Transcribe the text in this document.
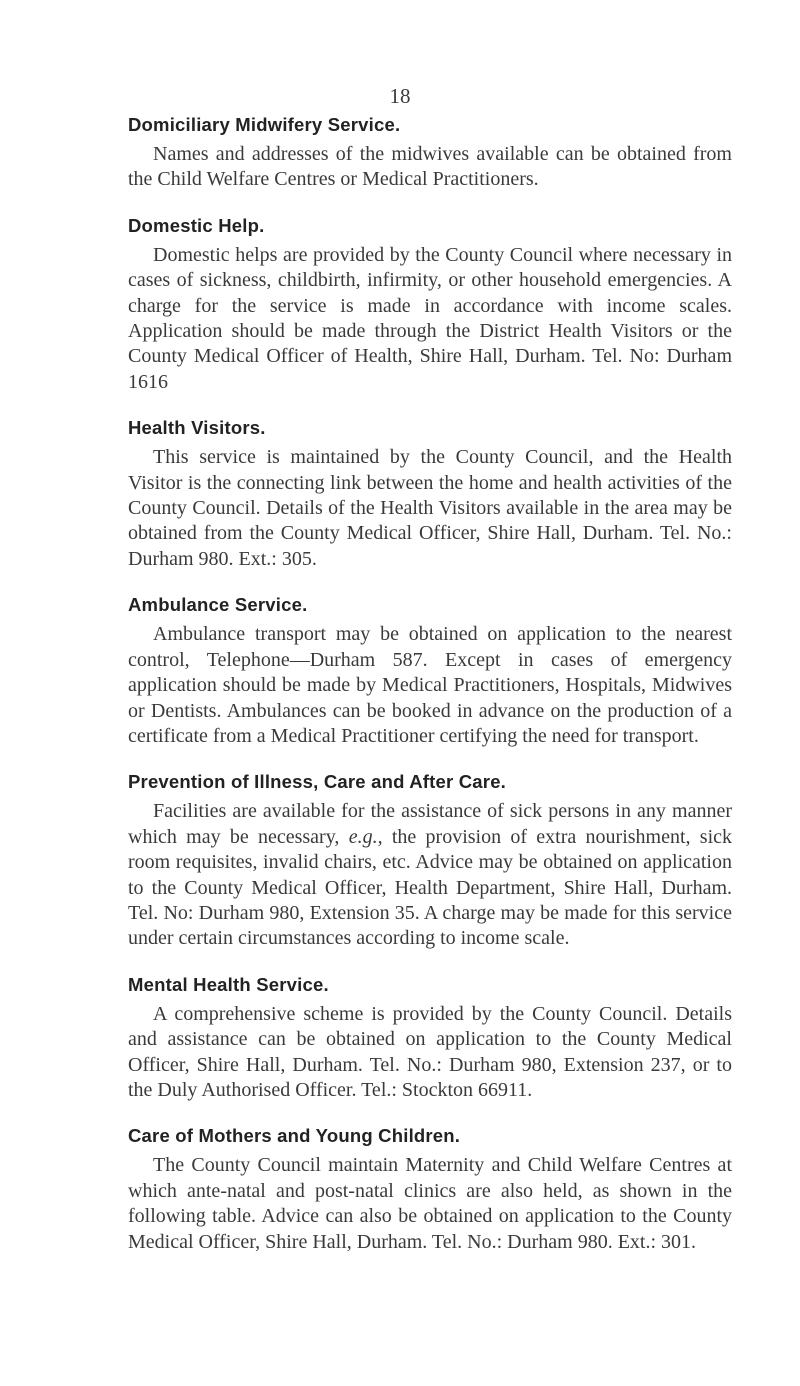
18
Domiciliary Midwifery Service.

Names and addresses of the midwives available can be obtained from the Child Welfare Centres or Medical Practitioners.

Domestic Help.

Domestic helps are provided by the County Council where necessary in cases of sickness, childbirth, infirmity, or other household emergencies. A charge for the service is made in accordance with income scales. Application should be made through the District Health Visitors or the County Medical Officer of Health, Shire Hall, Durham. Tel. No: Durham 1616

Health Visitors.

This service is maintained by the County Council, and the Health Visitor is the connecting link between the home and health activities of the County Council. Details of the Health Visitors available in the area may be obtained from the County Medical Officer, Shire Hall, Durham. Tel. No.: Durham 980. Ext.: 305.

Ambulance Service.

Ambulance transport may be obtained on application to the nearest control, Telephone—Durham 587. Except in cases of emergency application should be made by Medical Practitioners, Hospitals, Midwives or Dentists. Ambulances can be booked in advance on the production of a certificate from a Medical Practitioner certifying the need for transport.

Prevention of Illness, Care and After Care.

Facilities are available for the assistance of sick persons in any manner which may be necessary, e.g., the provision of extra nourishment, sick room requisites, invalid chairs, etc. Advice may be obtained on application to the County Medical Officer, Health Department, Shire Hall, Durham. Tel. No: Durham 980, Extension 35. A charge may be made for this service under certain circumstances according to income scale.

Mental Health Service.

A comprehensive scheme is provided by the County Council. Details and assistance can be obtained on application to the County Medical Officer, Shire Hall, Durham. Tel. No.: Durham 980, Extension 237, or to the Duly Authorised Officer. Tel.: Stockton 66911.

Care of Mothers and Young Children.

The County Council maintain Maternity and Child Welfare Centres at which ante-natal and post-natal clinics are also held, as shown in the following table. Advice can also be obtained on application to the County Medical Officer, Shire Hall, Durham. Tel. No.: Durham 980. Ext.: 301.
